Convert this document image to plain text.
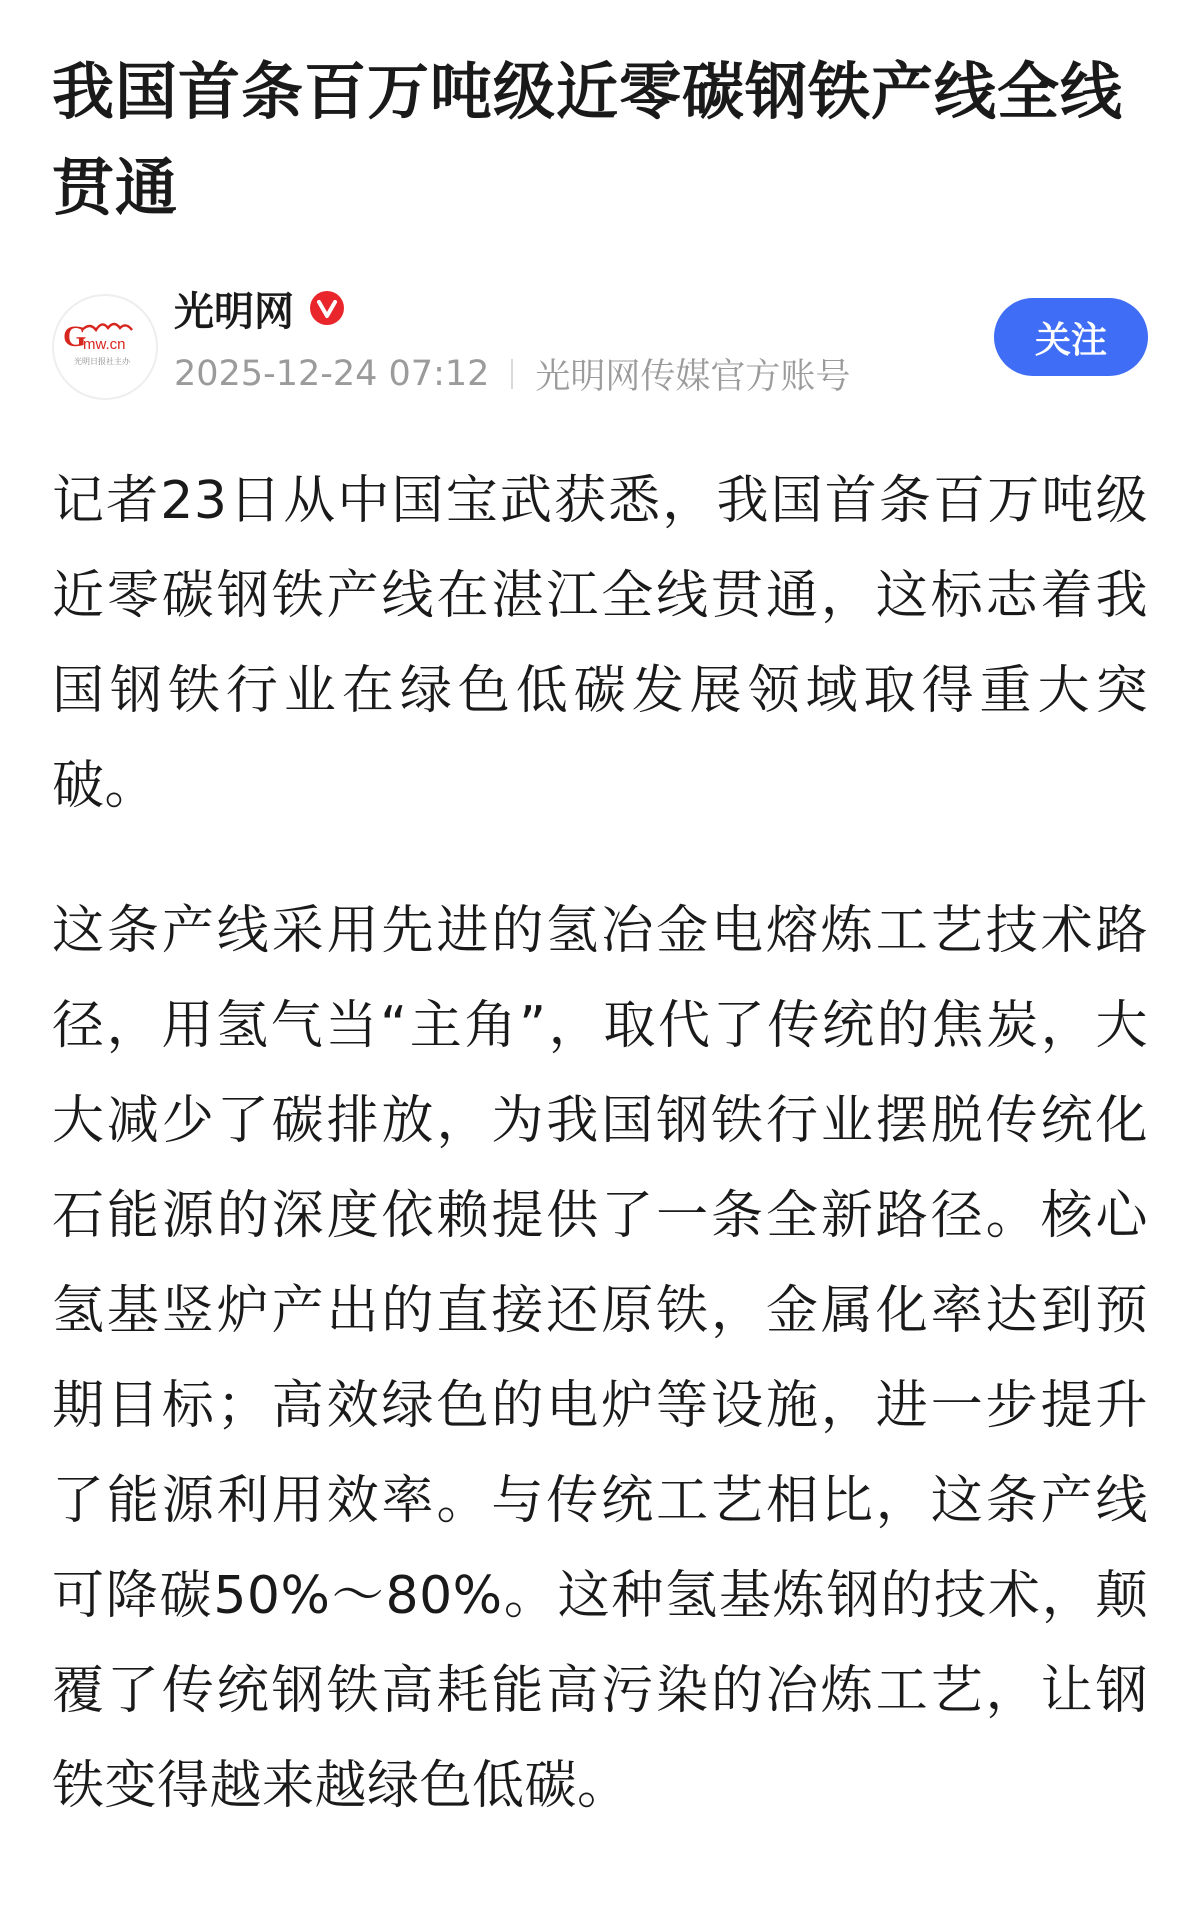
我国首条百万吨级近零碳钢铁产线全线贯通
G
mw.cn
光明日报社主办
光明网
2025-12-24 07:12 光明网传媒官方账号
关注

记者23日从中国宝武获悉，我国首条百万吨级近零碳钢铁产线在湛江全线贯通，这标志着我国钢铁行业在绿色低碳发展领域取得重大突破。

这条产线采用先进的氢冶金电熔炼工艺技术路径，用氢气当“主角”，取代了传统的焦炭，大大减少了碳排放，为我国钢铁行业摆脱传统化石能源的深度依赖提供了一条全新路径。核心氢基竖炉产出的直接还原铁，金属化率达到预期目标；高效绿色的电炉等设施，进一步提升了能源利用效率。与传统工艺相比，这条产线可降碳50%～80%。这种氢基炼钢的技术，颠覆了传统钢铁高耗能高污染的冶炼工艺，让钢铁变得越来越绿色低碳。
